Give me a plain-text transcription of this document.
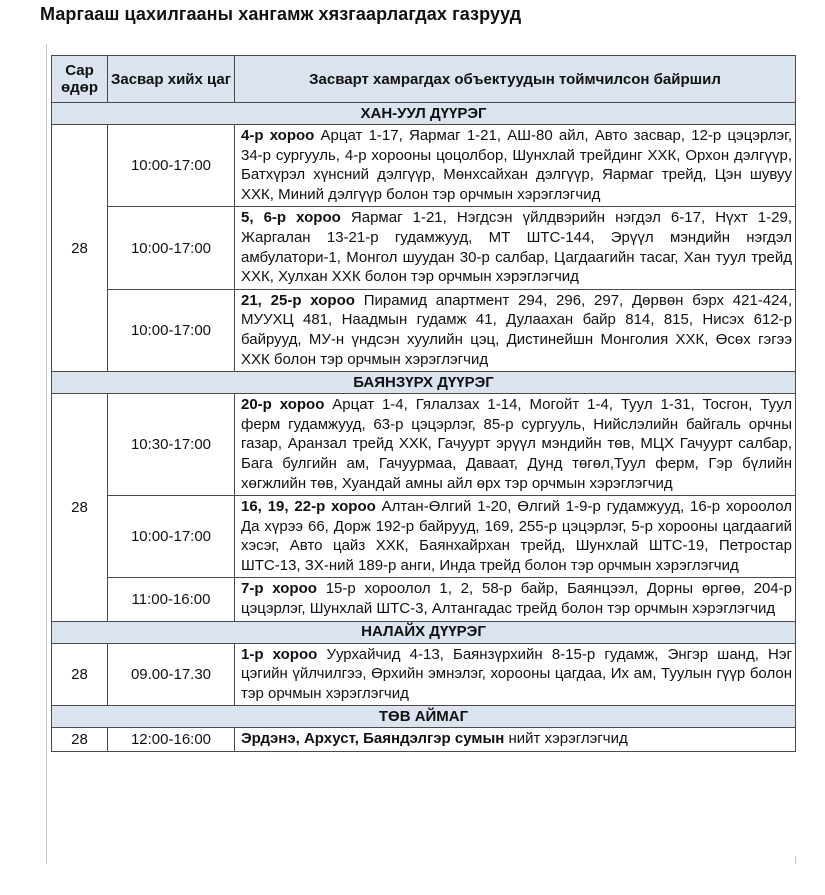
Маргааш цахилгааны хангамж хязгаарлагдах газрууд
Сар өдөр	Засвар хийх цаг	Засварт хамрагдах объектуудын тоймчилсон байршил
ХАН-УУЛ ДҮҮРЭГ		
28	10:00-17:00	4-р хороо Арцат 1-17, Яармаг 1-21, АШ-80 айл, Авто засвар, 12-р цэцэрлэг, 34-р сургууль, 4-р хорооны цоцолбор, Шунхлай трейдинг ХХК, Орхон дэлгүүр, Батхүрэл хүнсний дэлгүүр, Мөнхсайхан дэлгүүр, Яармаг трейд, Цэн шувуу ХХК, Миний дэлгүүр болон тэр орчмын хэрэглэгчид
	10:00-17:00	5, 6-р хороо Яармаг 1-21, Нэгдсэн үйлдвэрийн нэгдэл 6-17, Нүхт 1-29, Жаргалан 13-21-р гудамжууд, МТ ШТС-144, Эрүүл мэндийн нэгдэл амбулатори-1, Монгол шуудан 30-р салбар, Цагдаагийн тасаг, Хан туул трейд ХХК, Хулхан ХХК болон тэр орчмын хэрэглэгчид
	10:00-17:00	21, 25-р хороо Пирамид апартмент 294, 296, 297, Дөрвөн бэрх 421-424, МУУХЦ 481, Наадмын гудамж 41, Дулаахан байр 814, 815, Нисэх 612-р байрууд, МУ-н үндсэн хуулийн цэц, Дистинейшн Монголия ХХК, Өсөх гэгээ ХХК болон тэр орчмын хэрэглэгчид
БАЯНЗҮРХ ДҮҮРЭГ		
28	10:30-17:00	20-р хороо Арцат 1-4, Гялалзах 1-14, Могойт 1-4, Туул 1-31, Тосгон, Туул ферм гудамжууд, 63-р цэцэрлэг, 85-р сургууль, Нийслэлийн байгаль орчны газар, Аранзал трейд ХХК, Гачуурт эрүүл мэндийн төв, МЦХ Гачуурт салбар, Бага булгийн ам, Гачуурмаа, Даваат, Дунд төгөл,Туул ферм, Гэр бүлийн хөгжлийн төв, Хуандай амны айл өрх тэр орчмын хэрэглэгчид
	10:00-17:00	16, 19, 22-р хороо Алтан-Өлгий 1-20, Өлгий 1-9-р гудамжууд, 16-р хороолол Да хүрээ 66, Дорж 192-р байрууд, 169, 255-р цэцэрлэг, 5-р хорооны цагдаагий хэсэг, Авто цайз ХХК, Баянхайрхан трейд, Шунхлай ШТС-19, Петростар ШТС-13, ЗХ-ний 189-р анги, Инда трейд болон тэр орчмын хэрэглэгчид
	11:00-16:00	7-р хороо 15-р хороолол 1, 2, 58-р байр, Баянцээл, Дорны өргөө, 204-р цэцэрлэг, Шунхлай ШТС-3, Алтангадас трейд болон тэр орчмын хэрэглэгчид
НАЛАЙХ ДҮҮРЭГ		
28	09.00-17.30	1-р хороо Уурхайчид 4-13, Баянзүрхийн 8-15-р гудамж, Энгэр шанд, Нэг цэгийн үйлчилгээ, Өрхийн эмнэлэг, хорооны цагдаа, Их ам, Туулын гүүр болон тэр орчмын хэрэглэгчид
ТӨВ АЙМАГ		
28	12:00-16:00	Эрдэнэ, Архуст, Баяндэлгэр сумын нийт хэрэглэгчид
